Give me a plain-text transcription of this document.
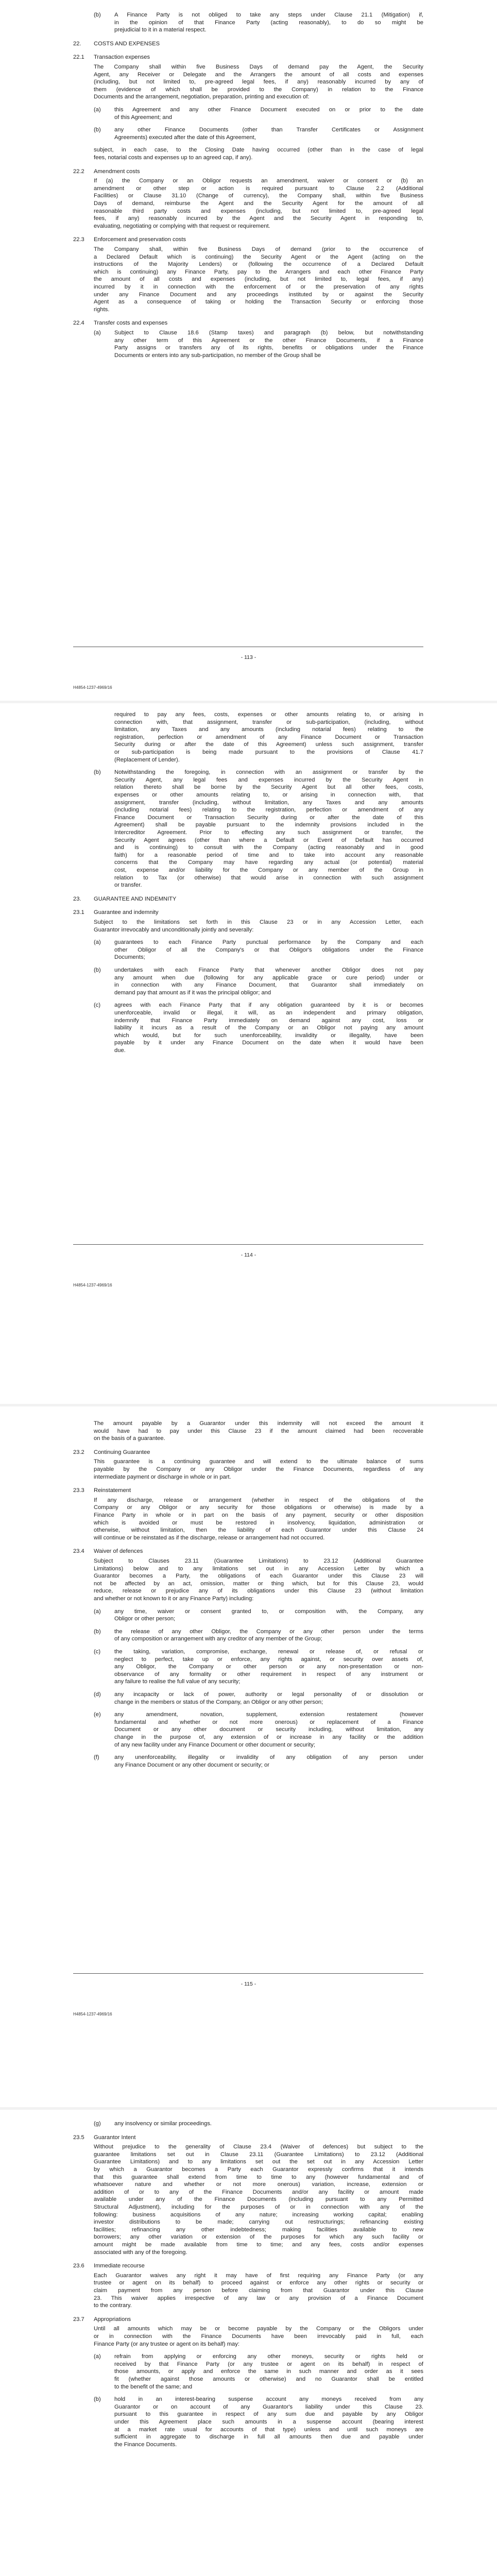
(b) A Finance Party is not obliged to take any steps under Clause 21.1 (Mitigation) if,
in the opinion of that Finance Party (acting reasonably), to do so might be
prejudicial to it in a material respect.
22. COSTS AND EXPENSES
22.1 Transaction expenses
The Company shall within five Business Days of demand pay the Agent, the Security
Agent, any Receiver or Delegate and the Arrangers the amount of all costs and expenses
(including, but not limited to, pre-agreed legal fees, if any) reasonably incurred by any of
them (evidence of which shall be provided to the Company) in relation to the Finance
Documents and the arrangement, negotiation, preparation, printing and execution of:
(a) this Agreement and any other Finance Document executed on or prior to the date
of this Agreement; and
(b) any other Finance Documents (other than Transfer Certificates or Assignment
Agreements) executed after the date of this Agreement,
subject, in each case, to the Closing Date having occurred (other than in the case of legal
fees, notarial costs and expenses up to an agreed cap, if any).
22.2 Amendment costs
If (a) the Company or an Obligor requests an amendment, waiver or consent or (b) an
amendment or other step or action is required pursuant to Clause 2.2 (Additional
Facilities) or Clause 31.10 (Change of currency), the Company shall, within five Business
Days of demand, reimburse the Agent and the Security Agent for the amount of all
reasonable third party costs and expenses (including, but not limited to, pre-agreed legal
fees, if any) reasonably incurred by the Agent and the Security Agent in responding to,
evaluating, negotiating or complying with that request or requirement.
22.3 Enforcement and preservation costs
The Company shall, within five Business Days of demand (prior to the occurrence of
a Declared Default which is continuing) the Security Agent or the Agent (acting on the
instructions of the Majority Lenders) or (following the occurrence of a Declared Default
which is continuing) any Finance Party, pay to the Arrangers and each other Finance Party
the amount of all costs and expenses (including, but not limited to, legal fees, if any)
incurred by it in connection with the enforcement of or the preservation of any rights
under any Finance Document and any proceedings instituted by or against the Security
Agent as a consequence of taking or holding the Transaction Security or enforcing those
rights.
22.4 Transfer costs and expenses
(a) Subject to Clause 18.6 (Stamp taxes) and paragraph (b) below, but notwithstanding
any other term of this Agreement or the other Finance Documents, if a Finance
Party assigns or transfers any of its rights, benefits or obligations under the Finance
Documents or enters into any sub-participation, no member of the Group shall be
- 113 -
H4854-1237-4969/16
required to pay any fees, costs, expenses or other amounts relating to, or arising in
connection with, that assignment, transfer or sub-participation, (including, without
limitation, any Taxes and any amounts (including notarial fees) relating to the
registration, perfection or amendment of any Finance Document or Transaction
Security during or after the date of this Agreement) unless such assignment, transfer
or sub-participation is being made pursuant to the provisions of Clause 41.7
(Replacement of Lender).
(b) Notwithstanding the foregoing, in connection with an assignment or transfer by the
Security Agent, any legal fees and expenses incurred by the Security Agent in
relation thereto shall be borne by the Security Agent but all other fees, costs,
expenses or other amounts relating to, or arising in connection with, that
assignment, transfer (including, without limitation, any Taxes and any amounts
(including notarial fees) relating to the registration, perfection or amendment of any
Finance Document or Transaction Security during or after the date of this
Agreement) shall be payable pursuant to the indemnity provisions included in the
Intercreditor Agreement. Prior to effecting any such assignment or transfer, the
Security Agent agrees (other than where a Default or Event of Default has occurred
and is continuing) to consult with the Company (acting reasonably and in good
faith) for a reasonable period of time and to take into account any reasonable
concerns that the Company may have regarding any actual (or potential) material
cost, expense and/or liability for the Company or any member of the Group in
relation to Tax (or otherwise) that would arise in connection with such assignment
or transfer.
23. GUARANTEE AND INDEMNITY
23.1 Guarantee and indemnity
Subject to the limitations set forth in this Clause 23 or in any Accession Letter, each
Guarantor irrevocably and unconditionally jointly and severally:
(a) guarantees to each Finance Party punctual performance by the Company and each
other Obligor of all the Company's or that Obligor's obligations under the Finance
Documents;
(b) undertakes with each Finance Party that whenever another Obligor does not pay
any amount when due (following for any applicable grace or cure period) under or
in connection with any Finance Document, that Guarantor shall immediately on
demand pay that amount as if it was the principal obligor; and
(c) agrees with each Finance Party that if any obligation guaranteed by it is or becomes
unenforceable, invalid or illegal, it will, as an independent and primary obligation,
indemnify that Finance Party immediately on demand against any cost, loss or
liability it incurs as a result of the Company or an Obligor not paying any amount
which would, but for such unenforceability, invalidity or illegality, have been
payable by it under any Finance Document on the date when it would have been
due.
- 114 -
H4854-1237-4969/16
The amount payable by a Guarantor under this indemnity will not exceed the amount it
would have had to pay under this Clause 23 if the amount claimed had been recoverable
on the basis of a guarantee.
23.2 Continuing Guarantee
This guarantee is a continuing guarantee and will extend to the ultimate balance of sums
payable by the Company or any Obligor under the Finance Documents, regardless of any
intermediate payment or discharge in whole or in part.
23.3 Reinstatement
If any discharge, release or arrangement (whether in respect of the obligations of the
Company or any Obligor or any security for those obligations or otherwise) is made by a
Finance Party in whole or in part on the basis of any payment, security or other disposition
which is avoided or must be restored in insolvency, liquidation, administration or
otherwise, without limitation, then the liability of each Guarantor under this Clause 24
will continue or be reinstated as if the discharge, release or arrangement had not occurred.
23.4 Waiver of defences
Subject to Clauses 23.11 (Guarantee Limitations) to 23.12 (Additional Guarantee
Limitations) below and to any limitations set out in any Accession Letter by which a
Guarantor becomes a Party, the obligations of each Guarantor under this Clause 23 will
not be affected by an act, omission, matter or thing which, but for this Clause 23, would
reduce, release or prejudice any of its obligations under this Clause 23 (without limitation
and whether or not known to it or any Finance Party) including:
(a) any time, waiver or consent granted to, or composition with, the Company, any
Obligor or other person;
(b) the release of any other Obligor, the Company or any other person under the terms
of any composition or arrangement with any creditor of any member of the Group;
(c) the taking, variation, compromise, exchange, renewal or release of, or refusal or
neglect to perfect, take up or enforce, any rights against, or security over assets of,
any Obligor, the Company or other person or any non-presentation or non-
observance of any formality or other requirement in respect of any instrument or
any failure to realise the full value of any security;
(d) any incapacity or lack of power, authority or legal personality of or dissolution or
change in the members or status of the Company, an Obligor or any other person;
(e) any amendment, novation, supplement, extension restatement (however
fundamental and whether or not more onerous) or replacement of a Finance
Document or any other document or security including, without limitation, any
change in the purpose of, any extension of or increase in any facility or the addition
of any new facility under any Finance Document or other document or security;
(f)	any unenforceability, illegality or invalidity of any obligation of any person under
any Finance Document or any other document or security; or
- 115 -
H4854-1237-4969/16
(g) any insolvency or similar proceedings.
23.5 Guarantor Intent
Without prejudice to the generality of Clause 23.4 (Waiver of defences) but subject to the
guarantee limitations set out in Clause 23.11 (Guarantee Limitations) to 23.12 (Additional
Guarantee Limitations) and to any limitations set out the set out in any Accession Letter
by which a Guarantor becomes a Party each Guarantor expressly confirms that it intends
that this guarantee shall extend from time to time to any (however fundamental and of
whatsoever nature and whether or not more onerous) variation, increase, extension or
addition of or to any of the Finance Documents and/or any facility or amount made
available under any of the Finance Documents (including pursuant to any Permitted
Structural Adjustment), including for the purposes of or in connection with any of the
following: business acquisitions of any nature; increasing working capital; enabling
investor distributions to be made; carrying out restructurings; refinancing existing
facilities; refinancing any other indebtedness; making facilities available to new
borrowers; any other variation or extension of the purposes for which any such facility or
amount might be made available from time to time; and any fees, costs and/or expenses
associated with any of the foregoing.
23.6 Immediate recourse
Each Guarantor waives any right it may have of first requiring any Finance Party (or any
trustee or agent on its behalf) to proceed against or enforce any other rights or security or
claim payment from any person before claiming from that Guarantor under this Clause
23. This waiver applies irrespective of any law or any provision of a Finance Document
to the contrary.
23.7 Appropriations
Until all amounts which may be or become payable by the Company or the Obligors under
or in connection with the Finance Documents have been irrevocably paid in full, each
Finance Party (or any trustee or agent on its behalf) may:
(a) refrain from applying or enforcing any other moneys, security or rights held or
received by that Finance Party (or any trustee or agent on its behalf) in respect of
those amounts, or apply and enforce the same in such manner and order as it sees
fit (whether against those amounts or otherwise) and no Guarantor shall be entitled
to the benefit of the same; and
(b) hold in an interest-bearing suspense account any moneys received from any
Guarantor or on account of any Guarantor's liability under this Clause 23.
pursuant to this guarantee in respect of any sum due and payable by any Obligor
under this Agreement place such amounts in a suspense account (bearing interest
at a market rate usual for accounts of that type) unless and until such moneys are
sufficient in aggregate to discharge in full all amounts then due and payable under
the Finance Documents.
